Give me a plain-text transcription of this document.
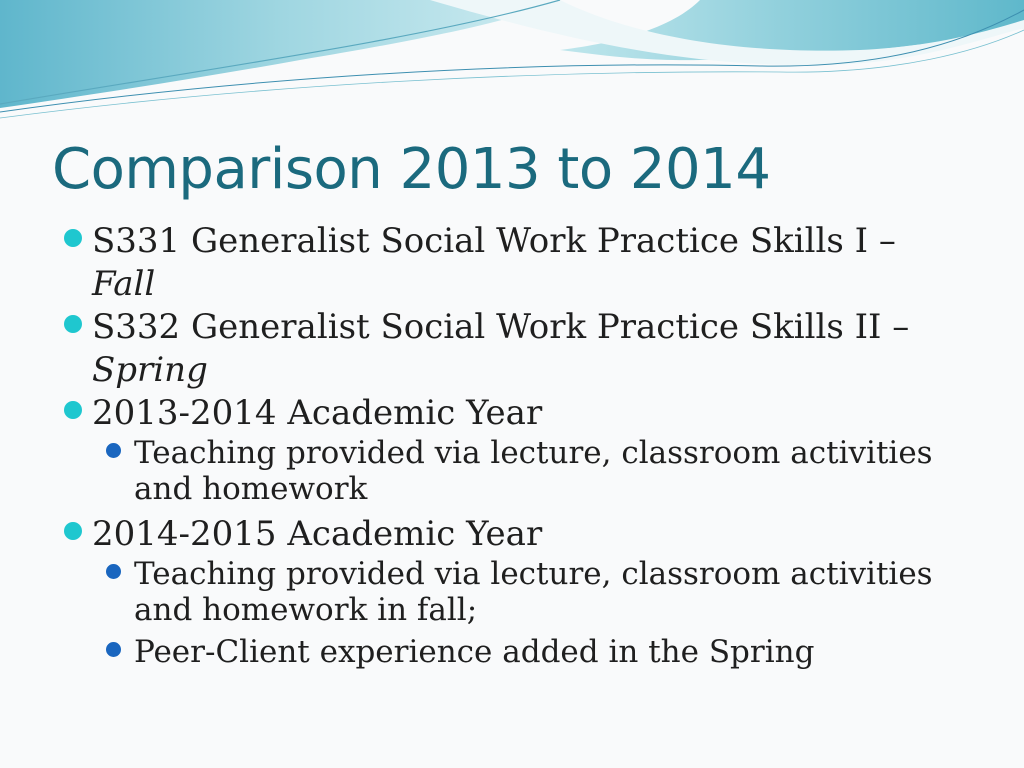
Comparison 2013 to 2014
S331 Generalist Social Work Practice Skills I –
Fall
S332 Generalist Social Work Practice Skills II –
Spring
2013-2014 Academic Year
Teaching provided via lecture, classroom activities and homework
2014-2015 Academic Year
Teaching provided via lecture, classroom activities and homework in fall;
Peer-Client experience added in the Spring
